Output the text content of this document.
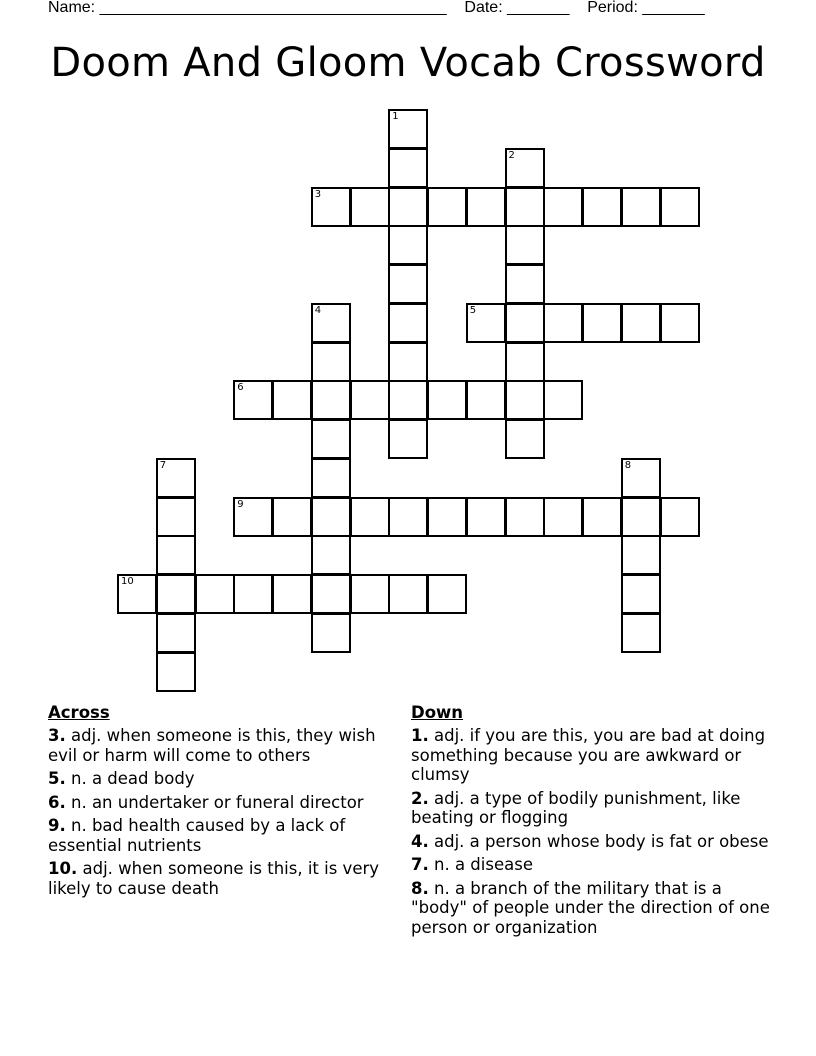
Name: _______________________________________ Date: _______ Period: _______
Doom And Gloom Vocab Crossword
1
2
3
4	5
6
7	8
9
10
Across
3. adj. when someone is this, they wish evil or harm will come to others
5. n. a dead body
6. n. an undertaker or funeral director
9. n. bad health caused by a lack of essential nutrients
10. adj. when someone is this, it is very likely to cause death
Down
1. adj. if you are this, you are bad at doing something because you are awkward or clumsy
2. adj. a type of bodily punishment, like beating or flogging
4. adj. a person whose body is fat or obese
7. n. a disease
8. n. a branch of the military that is a "body" of people under the direction of one person or organization
